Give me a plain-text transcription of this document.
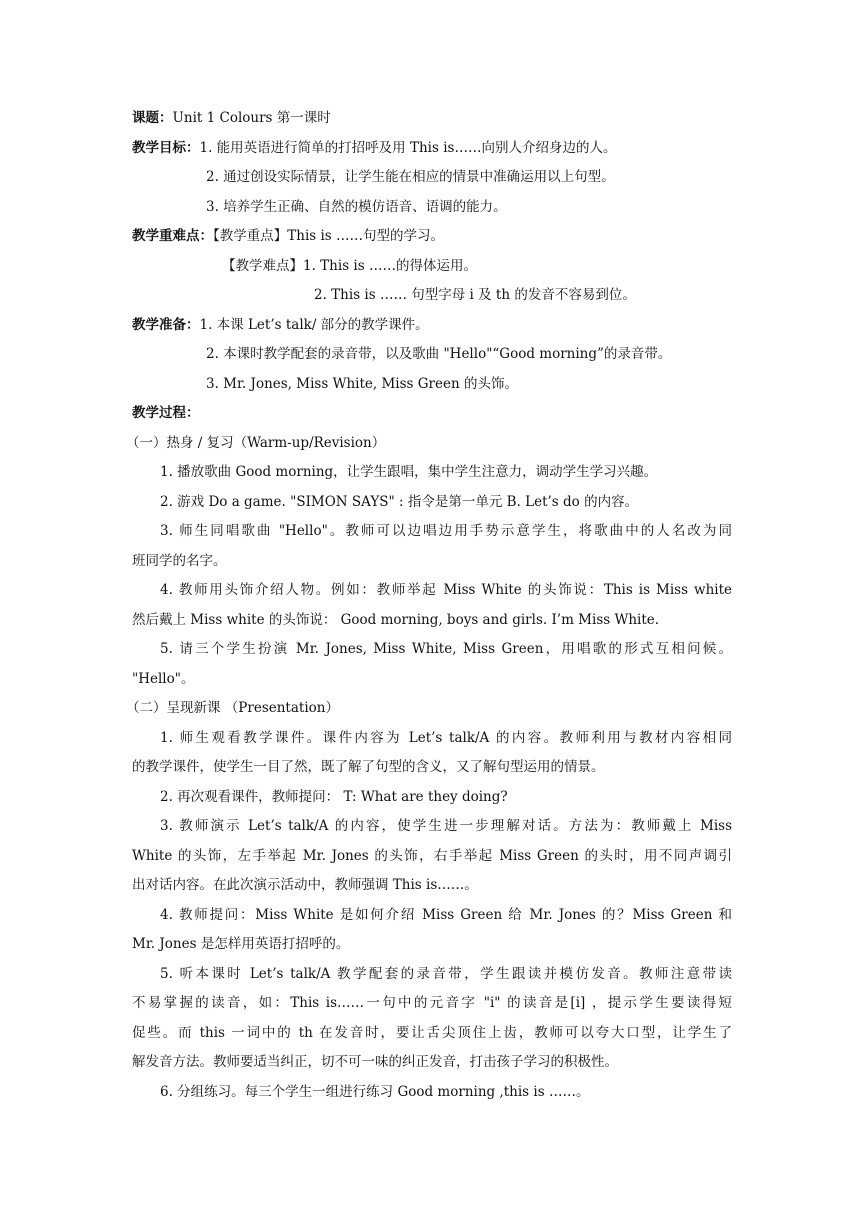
课题：Unit 1 Colours 第一课时
教学目标：1. 能用英语进行简单的打招呼及用 This is……向别人介绍身边的人。
2. 通过创设实际情景，让学生能在相应的情景中准确运用以上句型。
3. 培养学生正确、自然的模仿语音、语调的能力。
教学重难点：【教学重点】This is ……句型的学习。
【教学难点】1. This is ……的得体运用。
2. This is …… 句型字母 i 及 th 的发音不容易到位。
教学准备：1. 本课 Let’s talk/ 部分的教学课件。
2. 本课时教学配套的录音带，以及歌曲 "Hello"“Good morning”的录音带。
3. Mr. Jones, Miss White, Miss Green 的头饰。
教学过程：
（一）热身 / 复习（Warm-up/Revision）
1. 播放歌曲 Good morning，让学生跟唱，集中学生注意力，调动学生学习兴趣。
2. 游戏 Do a game. "SIMON SAYS" : 指令是第一单元 B. Let’s do 的内容。
3. 师生同唱歌曲 "Hello"。教师可以边唱边用手势示意学生，将歌曲中的人名改为同
班同学的名字。
4. 教师用头饰介绍人物。例如：教师举起 Miss White 的头饰说：This is Miss white
然后戴上 Miss white 的头饰说： Good morning, boys and girls. I’m Miss White.
5. 请三个学生扮演 Mr. Jones, Miss White, Miss Green，用唱歌的形式互相问候。
"Hello"。
（二）呈现新课 （Presentation）
1. 师生观看教学课件。课件内容为 Let’s talk/A 的内容。教师利用与教材内容相同
的教学课件，使学生一目了然，既了解了句型的含义，又了解句型运用的情景。
2. 再次观看课件，教师提问： T: What are they doing?
3. 教师演示 Let’s talk/A 的内容，使学生进一步理解对话。方法为：教师戴上 Miss
White 的头饰，左手举起 Mr. Jones 的头饰，右手举起 Miss Green 的头时，用不同声调引
出对话内容。在此次演示活动中，教师强调 This is……。
4. 教师提问：Miss White 是如何介绍 Miss Green 给 Mr. Jones 的？Miss Green 和
Mr. Jones 是怎样用英语打招呼的。
5. 听本课时 Let’s talk/A 教学配套的录音带，学生跟读并模仿发音。教师注意带读
不易掌握的读音，如：This is……一句中的元音字 "i" 的读音是[i] ，提示学生要读得短
促些。而 this 一词中的 th 在发音时，要让舌尖顶住上齿，教师可以夸大口型，让学生了
解发音方法。教师要适当纠正，切不可一味的纠正发音，打击孩子学习的积极性。
6. 分组练习。每三个学生一组进行练习 Good morning ,this is ……。
